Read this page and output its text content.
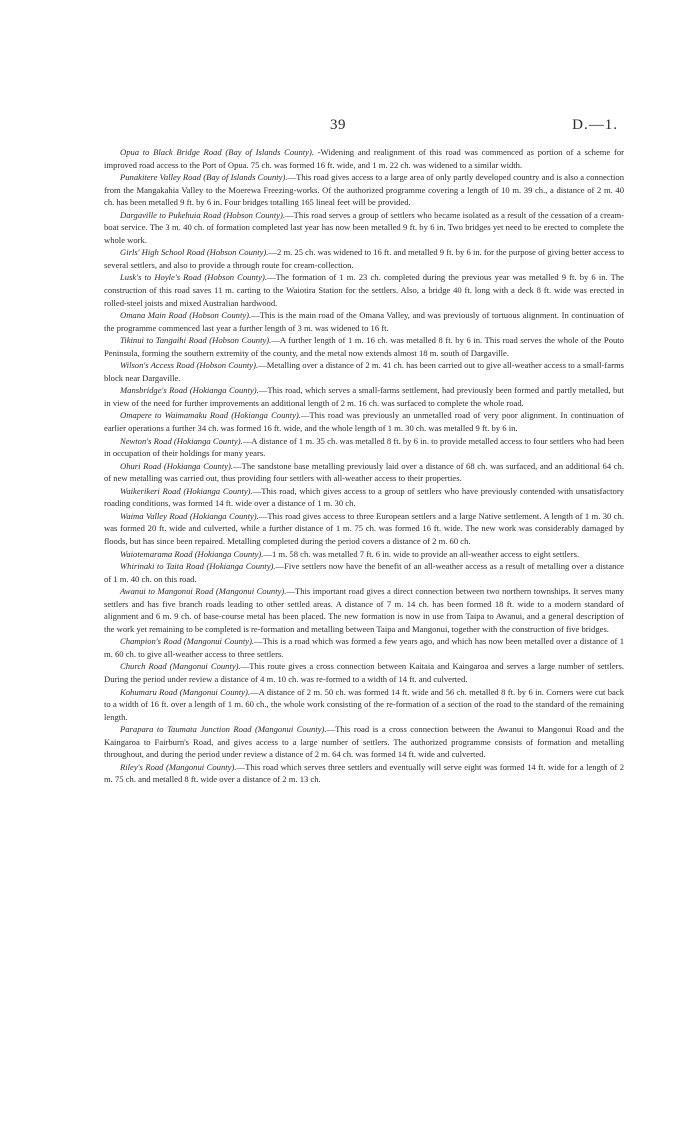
39	D.—1.

Opua to Black Bridge Road (Bay of Islands County). -Widening and realignment of this road was commenced as portion of a scheme for improved road access to the Port of Opua. 75 ch. was formed 16 ft. wide, and 1 m. 22 ch. was widened to a similar width.

Punakitere Valley Road (Bay of Islands County).—This road gives access to a large area of only partly developed country and is also a connection from the Mangakahia Valley to the Moerewa Freezing-works. Of the authorized programme covering a length of 10 m. 39 ch., a distance of 2 m. 40 ch. has been metalled 9 ft. by 6 in. Four bridges totalling 165 lineal feet will be provided.

Dargaville to Pukehuia Road (Hobson County).—This road serves a group of settlers who became isolated as a result of the cessation of a cream-boat service. The 3 m. 40 ch. of formation completed last year has now been metalled 9 ft. by 6 in. Two bridges yet need to be erected to complete the whole work.

Girls' High School Road (Hobson County).—2 m. 25 ch. was widened to 16 ft. and metalled 9 ft. by 6 in. for the purpose of giving better access to several settlers, and also to provide a through route for cream-collection.

Lusk's to Hoyle's Road (Hobson County).—The formation of 1 m. 23 ch. completed during the previous year was metalled 9 ft. by 6 in. The construction of this road saves 11 m. carting to the Waiotira Station for the settlers. Also, a bridge 40 ft. long with a deck 8 ft. wide was erected in rolled-steel joists and mixed Australian hardwood.

Omana Main Road (Hobson County).—This is the main road of the Omana Valley, and was previously of tortuous alignment. In continuation of the programme commenced last year a further length of 3 m. was widened to 16 ft.

Tikinui to Tangaihi Road (Hobson County).—A further length of 1 m. 16 ch. was metalled 8 ft. by 6 in. This road serves the whole of the Pouto Peninsula, forming the southern extremity of the county, and the metal now extends almost 18 m. south of Dargaville.

Wilson's Access Road (Hobson County).—Metalling over a distance of 2 m. 41 ch. has been carried out to give all-weather access to a small-farms block near Dargaville.

Mansbridge's Road (Hokianga County).—This road, which serves a small-farms settlement, had previously been formed and partly metalled, but in view of the need for further improvements an additional length of 2 m. 16 ch. was surfaced to complete the whole road.

Omapere to Waimamaku Road (Hokianga County).—This road was previously an unmetalled road of very poor alignment. In continuation of earlier operations a further 34 ch. was formed 16 ft. wide, and the whole length of 1 m. 30 ch. was metalled 9 ft. by 6 in.

Newton's Road (Hokianga County).—A distance of 1 m. 35 ch. was metalled 8 ft. by 6 in. to provide metalled access to four settlers who had been in occupation of their holdings for many years.

Ohuri Road (Hokianga County).—The sandstone base metalling previously laid over a distance of 68 ch. was surfaced, and an additional 64 ch. of new metalling was carried out, thus providing four settlers with all-weather access to their properties.

Waikerikeri Road (Hokianga County).—This road, which gives access to a group of settlers who have previously contended with unsatisfactory roading conditions, was formed 14 ft. wide over a distance of 1 m. 30 ch.

Waima Valley Road (Hokianga County).—This road gives access to three European settlers and a large Native settlement. A length of 1 m. 30 ch. was formed 20 ft. wide and culverted, while a further distance of 1 m. 75 ch. was formed 16 ft. wide. The new work was considerably damaged by floods, but has since been repaired. Metalling completed during the period covers a distance of 2 m. 60 ch.

Waiotemarama Road (Hokianga County).—1 m. 58 ch. was metalled 7 ft. 6 in. wide to provide an all-weather access to eight settlers.

Whirinaki to Taita Road (Hokianga County).—Five settlers now have the benefit of an all-weather access as a result of metalling over a distance of 1 m. 40 ch. on this road.

Awanui to Mangonui Road (Mangonui County).—This important road gives a direct connection between two northern townships. It serves many settlers and has five branch roads leading to other settled areas. A distance of 7 m. 14 ch. has been formed 18 ft. wide to a modern standard of alignment and 6 m. 9 ch. of base-course metal has been placed. The new formation is now in use from Taipa to Awanui, and a general description of the work yet remaining to be completed is re-formation and metalling between Taipa and Mangonui, together with the construction of five bridges.

Champion's Road (Mangonui County).—This is a road which was formed a few years ago, and which has now been metalled over a distance of 1 m. 60 ch. to give all-weather access to three settlers.

Church Road (Mangonui County).—This route gives a cross connection between Kaitaia and Kaingaroa and serves a large number of settlers. During the period under review a distance of 4 m. 10 ch. was re-formed to a width of 14 ft. and culverted.

Kohumaru Road (Mangonui County).—A distance of 2 m. 50 ch. was formed 14 ft. wide and 56 ch. metalled 8 ft. by 6 in. Corners were cut back to a width of 16 ft. over a length of 1 m. 60 ch., the whole work consisting of the re-formation of a section of the road to the standard of the remaining length.

Parapara to Taumata Junction Road (Mangonui County).—This road is a cross connection between the Awanui to Mangonui Road and the Kaingaroa to Fairburn's Road, and gives access to a large number of settlers. The authorized programme consists of formation and metalling throughout, and during the period under review a distance of 2 m. 64 ch. was formed 14 ft. wide and culverted.

Riley's Road (Mangonui County).—This road which serves three settlers and eventually will serve eight was formed 14 ft. wide for a length of 2 m. 75 ch. and metalled 8 ft. wide over a distance of 2 m. 13 ch.
